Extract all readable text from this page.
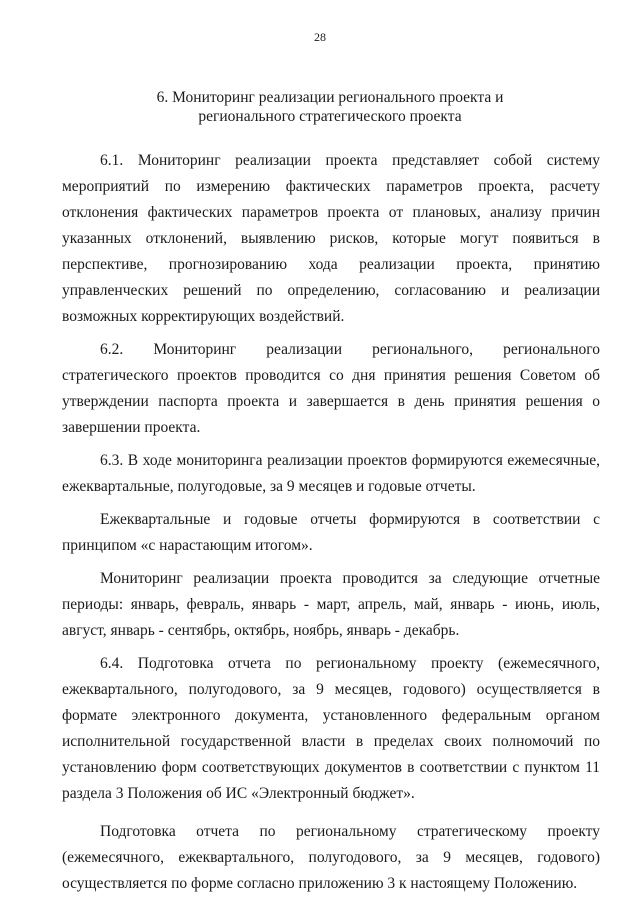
28
6. Мониторинг реализации регионального проекта и
регионального стратегического проекта

6.1. Мониторинг реализации проекта представляет собой систему мероприятий по измерению фактических параметров проекта, расчету отклонения фактических параметров проекта от плановых, анализу причин указанных отклонений, выявлению рисков, которые могут появиться в перспективе, прогнозированию хода реализации проекта, принятию управленческих решений по определению, согласованию и реализации возможных корректирующих воздействий.

6.2. Мониторинг реализации регионального, регионального стратегического проектов проводится со дня принятия решения Советом об утверждении паспорта проекта и завершается в день принятия решения о завершении проекта.

6.3. В ходе мониторинга реализации проектов формируются ежемесячные, ежеквартальные, полугодовые, за 9 месяцев и годовые отчеты.

Ежеквартальные и годовые отчеты формируются в соответствии с принципом «с нарастающим итогом».

Мониторинг реализации проекта проводится за следующие отчетные периоды: январь, февраль, январь - март, апрель, май, январь - июнь, июль, август, январь - сентябрь, октябрь, ноябрь, январь - декабрь.

6.4. Подготовка отчета по региональному проекту (ежемесячного, ежеквартального, полугодового, за 9 месяцев, годового) осуществляется в формате электронного документа, установленного федеральным органом исполнительной государственной власти в пределах своих полномочий по установлению форм соответствующих документов в соответствии с пунктом 11 раздела 3 Положения об ИС «Электронный бюджет».

Подготовка отчета по региональному стратегическому проекту (ежемесячного, ежеквартального, полугодового, за 9 месяцев, годового) осуществляется по форме согласно приложению 3 к настоящему Положению.
